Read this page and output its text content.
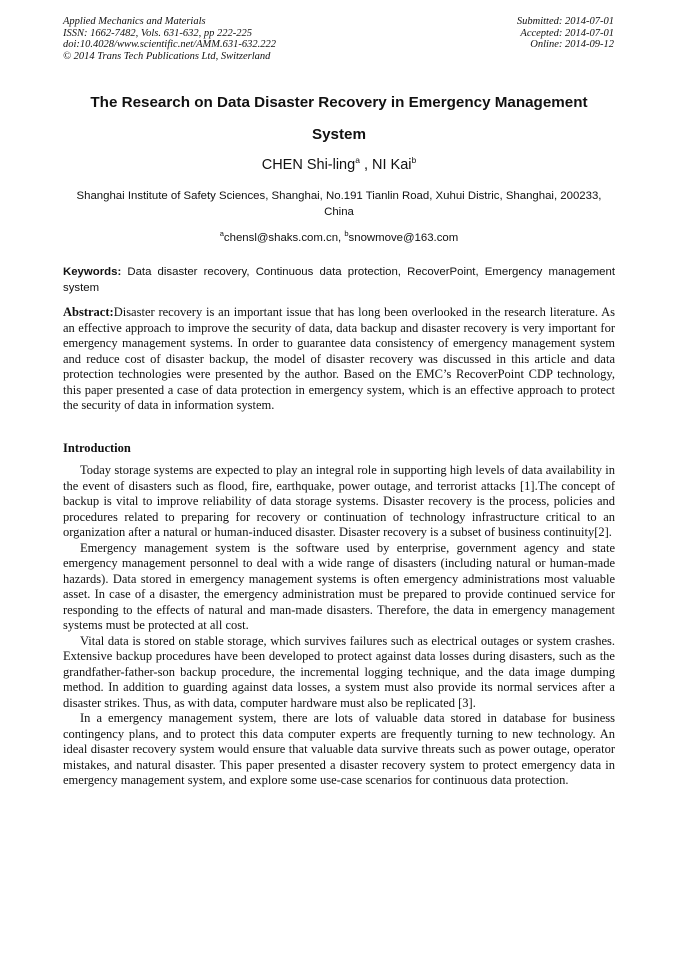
Applied Mechanics and Materials
ISSN: 1662-7482, Vols. 631-632, pp 222-225
doi:10.4028/www.scientific.net/AMM.631-632.222
© 2014 Trans Tech Publications Ltd, Switzerland
Submitted: 2014-07-01
Accepted: 2014-07-01
Online: 2014-09-12
The Research on Data Disaster Recovery in Emergency Management
System
CHEN Shi-ling$^a$ , NI Kai$^b$
Shanghai Institute of Safety Sciences, Shanghai, No.191 Tianlin Road, Xuhui Distric, Shanghai, 200233, China
$^a$chensl@shaks.com.cn, $^b$snowmove@163.com
Keywords: Data disaster recovery, Continuous data protection, RecoverPoint, Emergency management system
Abstract:Disaster recovery is an important issue that has long been overlooked in the research literature. As an effective approach to improve the security of data, data backup and disaster recovery is very important for emergency management systems. In order to guarantee data consistency of emergency management system and reduce cost of disaster backup, the model of disaster recovery was discussed in this article and data protection technologies were presented by the author. Based on the EMC’s RecoverPoint CDP technology, this paper presented a case of data protection in emergency system, which is an effective approach to protect the security of data in information system.
Introduction

Today storage systems are expected to play an integral role in supporting high levels of data availability in the event of disasters such as flood, fire, earthquake, power outage, and terrorist attacks [1].The concept of backup is vital to improve reliability of data storage systems. Disaster recovery is the process, policies and procedures related to preparing for recovery or continuation of technology infrastructure critical to an organization after a natural or human-induced disaster. Disaster recovery is a subset of business continuity[2].

Emergency management system is the software used by enterprise, government agency and state emergency management personnel to deal with a wide range of disasters (including natural or human-made hazards). Data stored in emergency management systems is often emergency administrations most valuable asset. In case of a disaster, the emergency administration must be prepared to provide continued service for responding to the effects of natural and man-made disasters. Therefore, the data in emergency management systems must be protected at all cost.

Vital data is stored on stable storage, which survives failures such as electrical outages or system crashes. Extensive backup procedures have been developed to protect against data losses during disasters, such as the grandfather-father-son backup procedure, the incremental logging technique, and the data image dumping method. In addition to guarding against data losses, a system must also provide its normal services after a disaster strikes. Thus, as with data, computer hardware must also be replicated [3].

In a emergency management system, there are lots of valuable data stored in database for business contingency plans, and to protect this data computer experts are frequently turning to new technology. An ideal disaster recovery system would ensure that valuable data survive threats such as power outage, operator mistakes, and natural disaster. This paper presented a disaster recovery system to protect emergency data in emergency management system, and explore some use-case scenarios for continuous data protection.
